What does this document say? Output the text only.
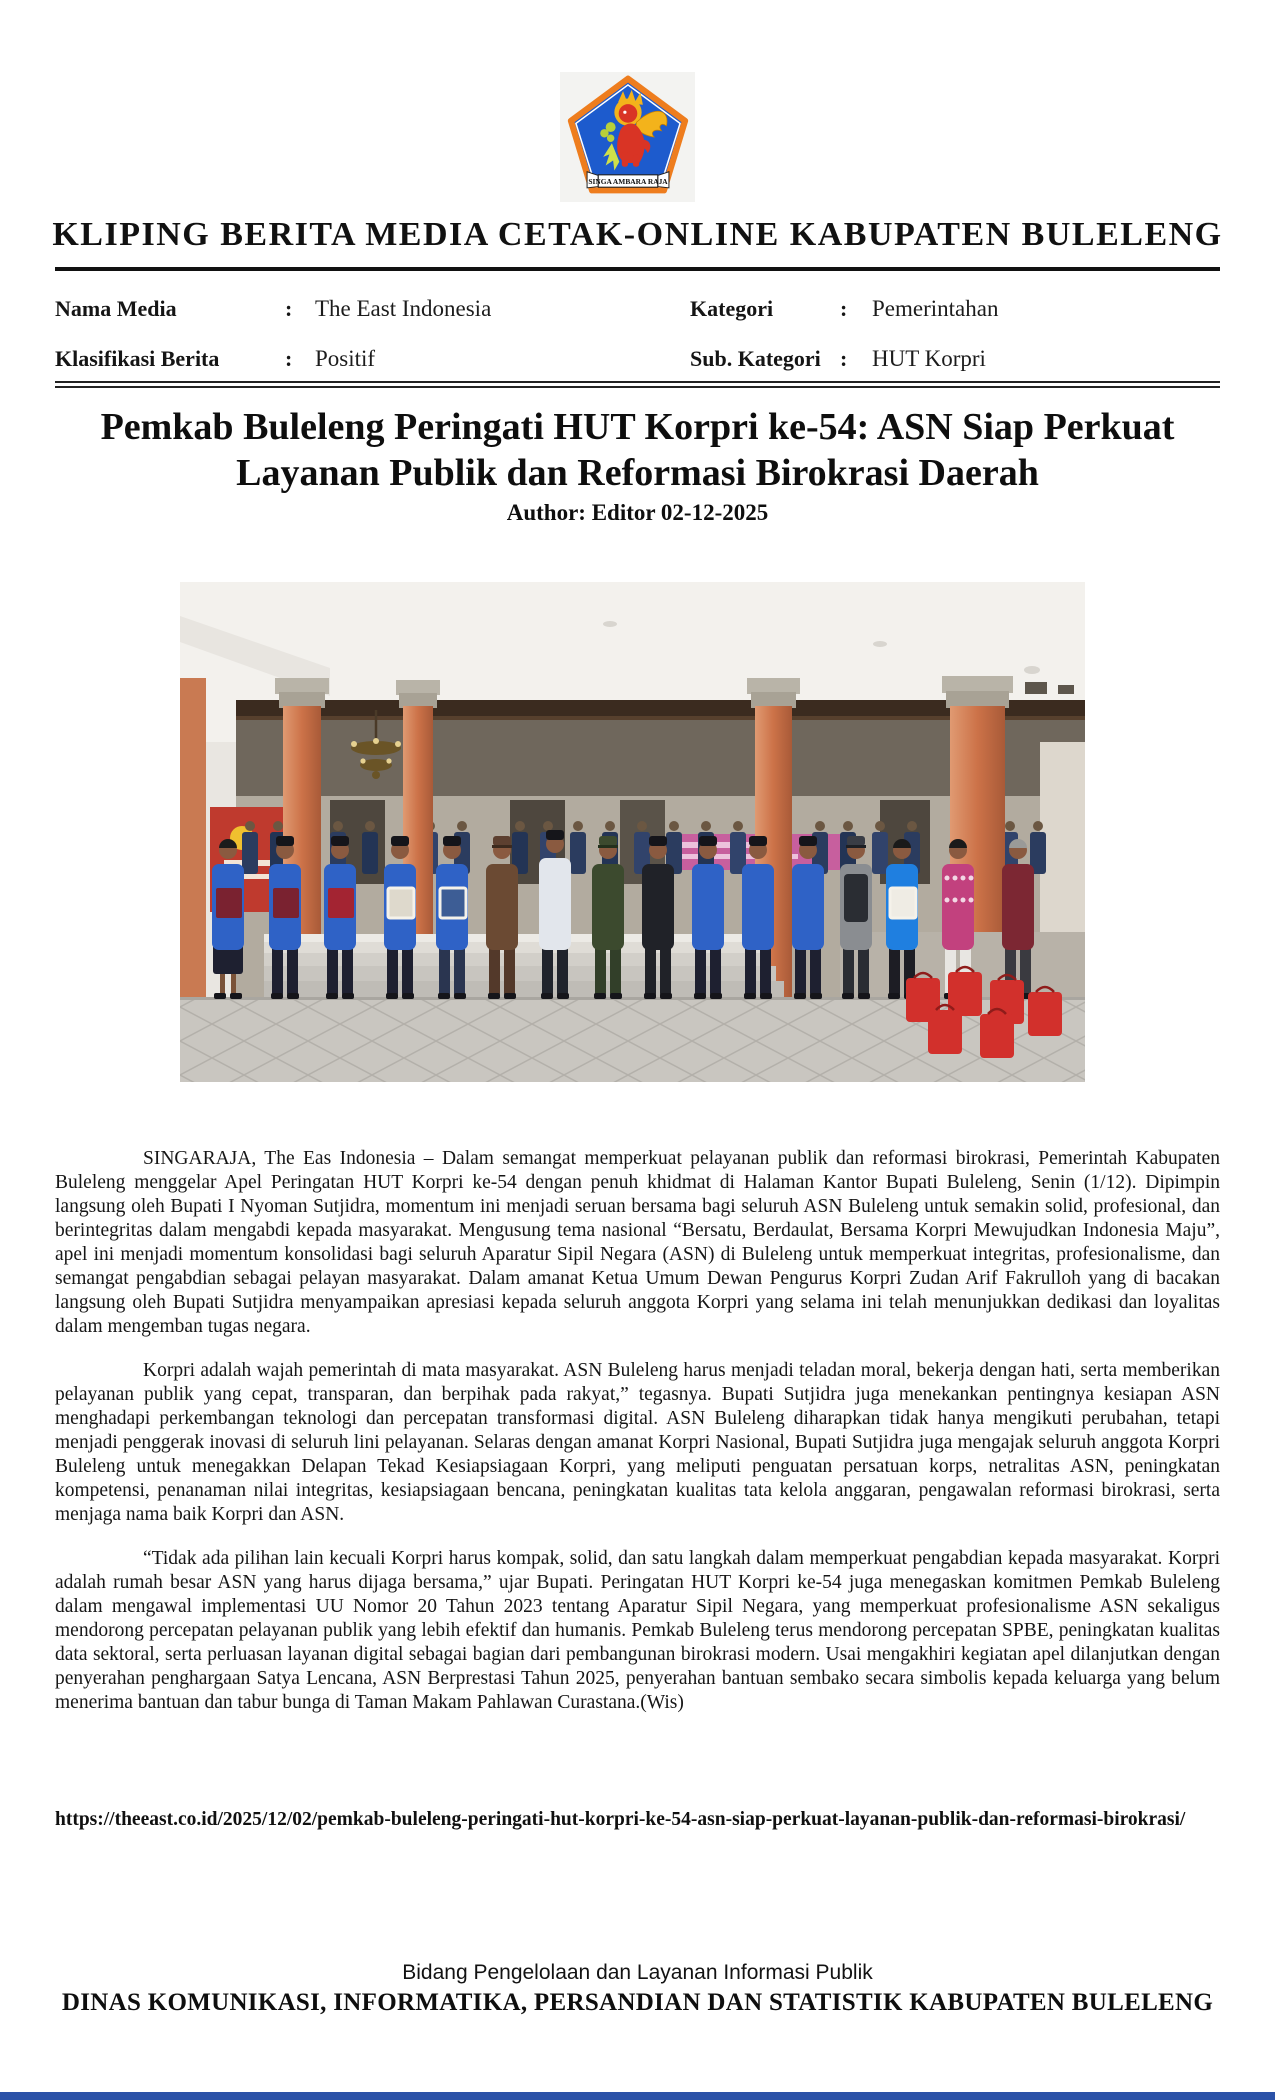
SINGA AMBARA RAJA
KLIPING BERITA MEDIA CETAK-ONLINE KABUPATEN BULELENG
Nama Media	: The East Indonesia	Kategori	:	Pemerintahan
Klasifikasi Berita	: Positif	Sub. Kategori :	HUT Korpri
Pemkab Buleleng Peringati HUT Korpri ke-54: ASN Siap Perkuat
Layanan Publik dan Reformasi Birokrasi Daerah
Author: Editor 02-12-2025

SINGARAJA, The Eas Indonesia – Dalam semangat memperkuat pelayanan publik dan reformasi birokrasi, Pemerintah Kabupaten Buleleng menggelar Apel Peringatan HUT Korpri ke-54 dengan penuh khidmat di Halaman Kantor Bupati Buleleng, Senin (1/12). Dipimpin langsung oleh Bupati I Nyoman Sutjidra, momentum ini menjadi seruan bersama bagi seluruh ASN Buleleng untuk semakin solid, profesional, dan berintegritas dalam mengabdi kepada masyarakat. Mengusung tema nasional “Bersatu, Berdaulat, Bersama Korpri Mewujudkan Indonesia Maju”, apel ini menjadi momentum konsolidasi bagi seluruh Aparatur Sipil Negara (ASN) di Buleleng untuk memperkuat integritas, profesionalisme, dan semangat pengabdian sebagai pelayan masyarakat. Dalam amanat Ketua Umum Dewan Pengurus Korpri Zudan Arif Fakrulloh yang di bacakan langsung oleh Bupati Sutjidra menyampaikan apresiasi kepada seluruh anggota Korpri yang selama ini telah menunjukkan dedikasi dan loyalitas dalam mengemban tugas negara.

Korpri adalah wajah pemerintah di mata masyarakat. ASN Buleleng harus menjadi teladan moral, bekerja dengan hati, serta memberikan pelayanan publik yang cepat, transparan, dan berpihak pada rakyat,” tegasnya. Bupati Sutjidra juga menekankan pentingnya kesiapan ASN menghadapi perkembangan teknologi dan percepatan transformasi digital. ASN Buleleng diharapkan tidak hanya mengikuti perubahan, tetapi menjadi penggerak inovasi di seluruh lini pelayanan. Selaras dengan amanat Korpri Nasional, Bupati Sutjidra juga mengajak seluruh anggota Korpri Buleleng untuk menegakkan Delapan Tekad Kesiapsiagaan Korpri, yang meliputi penguatan persatuan korps, netralitas ASN, peningkatan kompetensi, penanaman nilai integritas, kesiapsiagaan bencana, peningkatan kualitas tata kelola anggaran, pengawalan reformasi birokrasi, serta menjaga nama baik Korpri dan ASN.

“Tidak ada pilihan lain kecuali Korpri harus kompak, solid, dan satu langkah dalam memperkuat pengabdian kepada masyarakat. Korpri adalah rumah besar ASN yang harus dijaga bersama,” ujar Bupati. Peringatan HUT Korpri ke-54 juga menegaskan komitmen Pemkab Buleleng dalam mengawal implementasi UU Nomor 20 Tahun 2023 tentang Aparatur Sipil Negara, yang memperkuat profesionalisme ASN sekaligus mendorong percepatan pelayanan publik yang lebih efektif dan humanis. Pemkab Buleleng terus mendorong percepatan SPBE, peningkatan kualitas data sektoral, serta perluasan layanan digital sebagai bagian dari pembangunan birokrasi modern. Usai mengakhiri kegiatan apel dilanjutkan dengan penyerahan penghargaan Satya Lencana, ASN Berprestasi Tahun 2025, penyerahan bantuan sembako secara simbolis kepada keluarga yang belum menerima bantuan dan tabur bunga di Taman Makam Pahlawan Curastana.(Wis)

https://theeast.co.id/2025/12/02/pemkab-buleleng-peringati-hut-korpri-ke-54-asn-siap-perkuat-layanan-publik-dan-reformasi-birokrasi/
Bidang Pengelolaan dan Layanan Informasi Publik
DINAS KOMUNIKASI, INFORMATIKA, PERSANDIAN DAN STATISTIK KABUPATEN BULELENG
